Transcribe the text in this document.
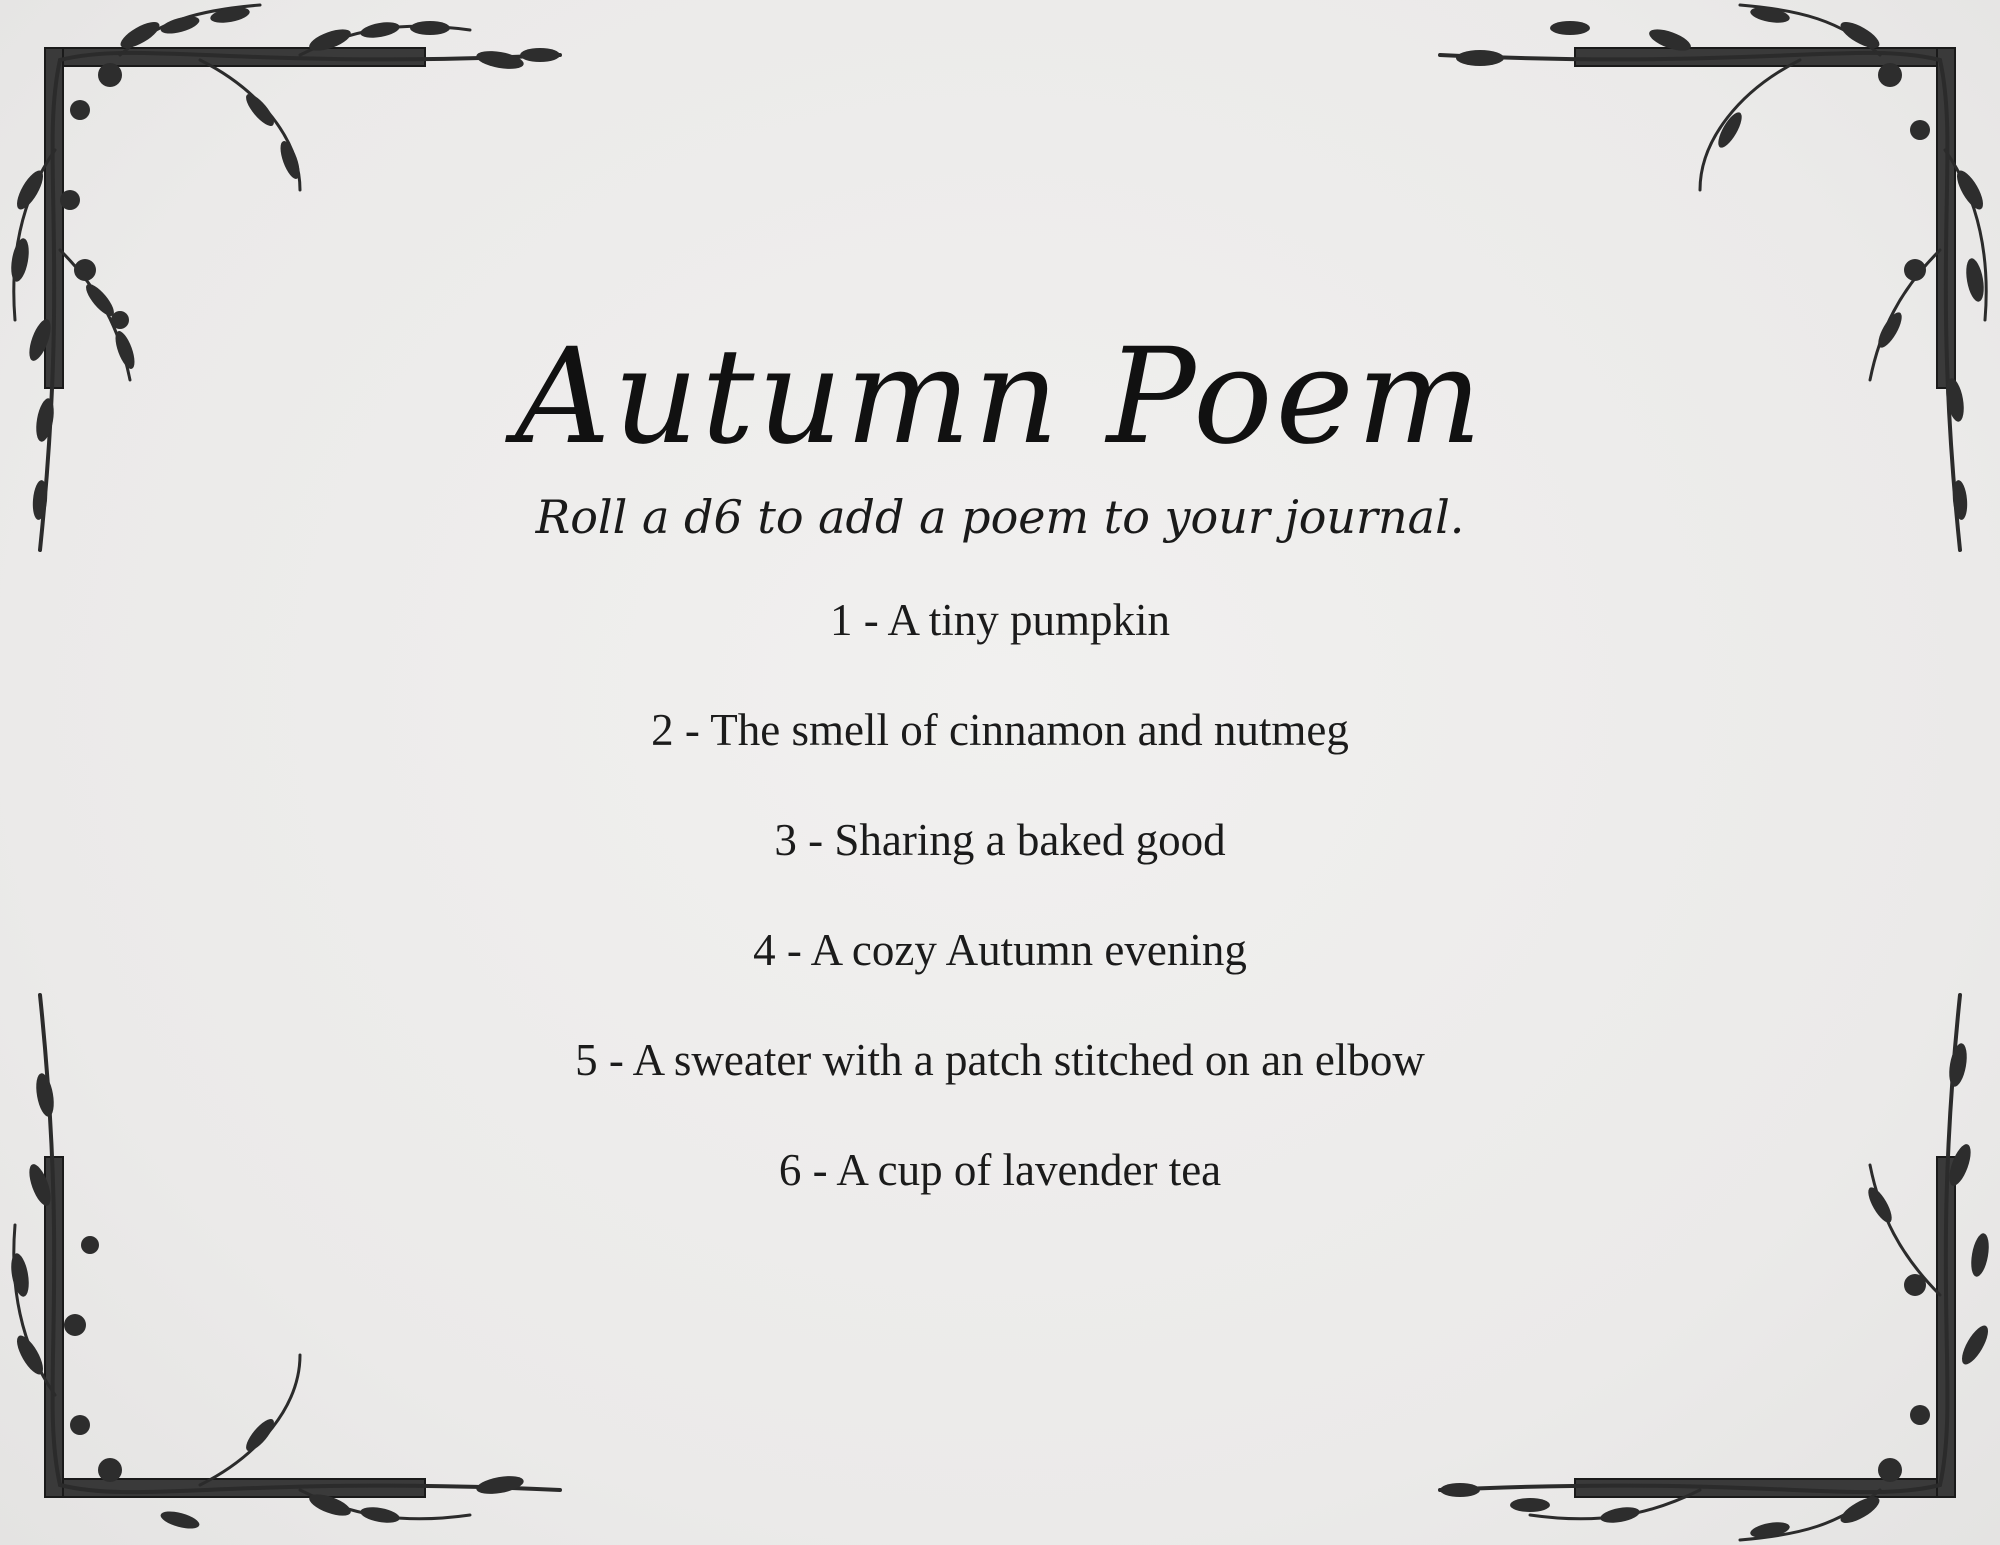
Autumn Poem
Roll a d6 to add a poem to your journal.
1 - A tiny pumpkin
2 - The smell of cinnamon and nutmeg
3 - Sharing a baked good
4 - A cozy Autumn evening
5 - A sweater with a patch stitched on an elbow
6 - A cup of lavender tea
